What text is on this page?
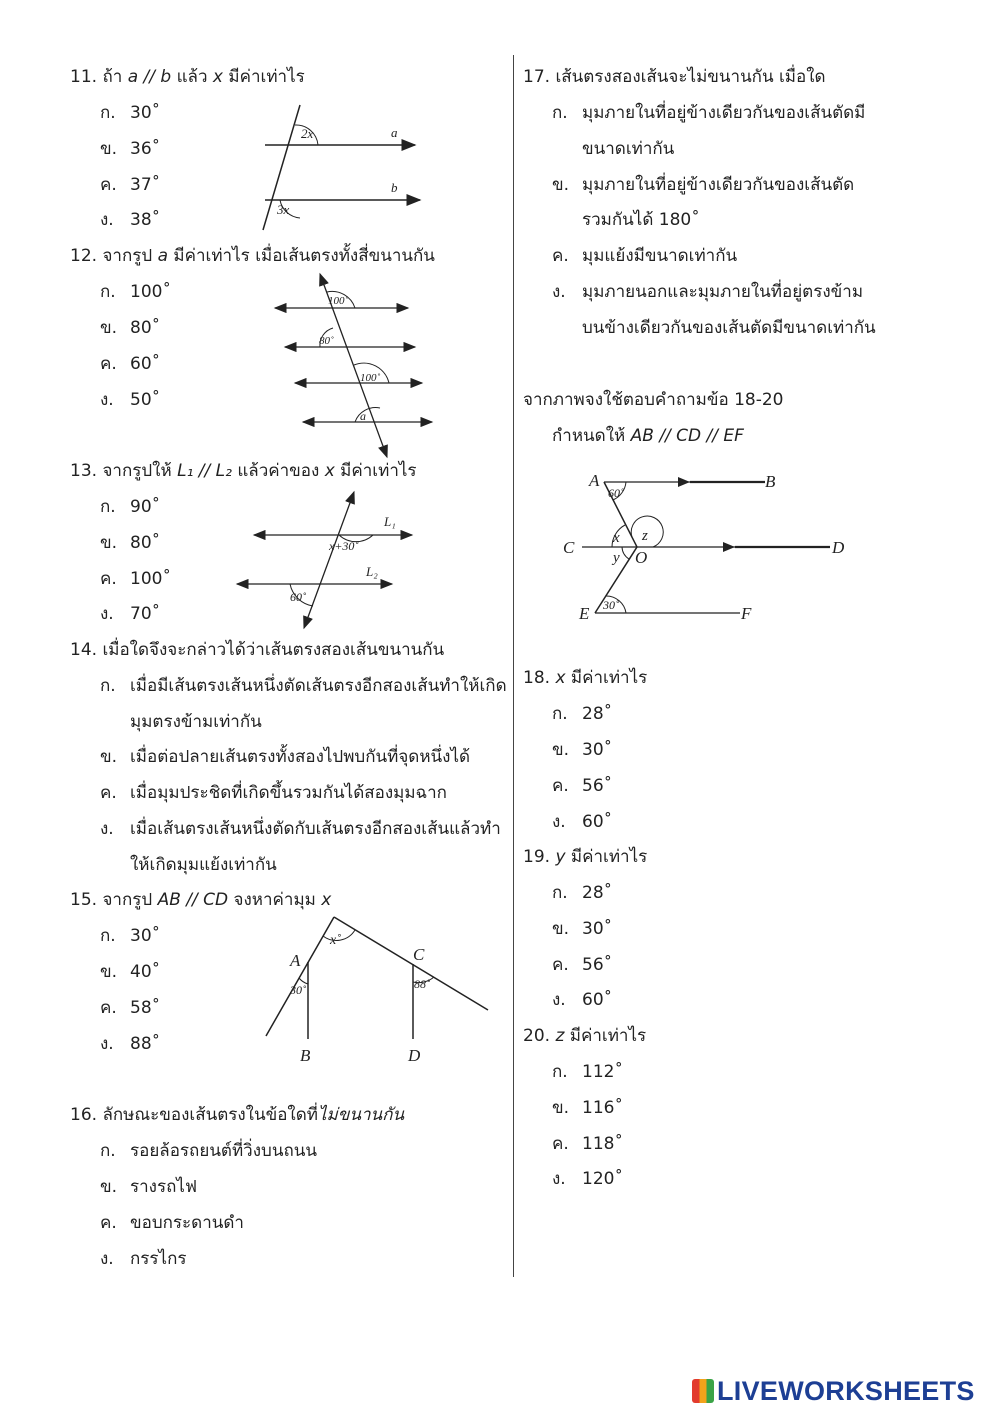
11. ถ้า a // b แล้ว x มีค่าเท่าไร
ก. 30˚
ข. 36˚
ค. 37˚
ง. 38˚
2x
3x
a
b
12. จากรูป a มีค่าเท่าไร เมื่อเส้นตรงทั้งสี่ขนานกัน
ก. 100˚
ข. 80˚
ค. 60˚
ง. 50˚
100˚
80˚
100˚
a
13. จากรูปให้ L₁ // L₂ แล้วค่าของ x มีค่าเท่าไร
ก. 90˚
ข. 80˚
ค. 100˚
ง. 70˚
x+30˚
60˚
L₁
L₂
14. เมื่อใดจึงจะกล่าวได้ว่าเส้นตรงสองเส้นขนานกัน
ก. เมื่อมีเส้นตรงเส้นหนึ่งตัดเส้นตรงอีกสองเส้นทำให้เกิด
มุมตรงข้ามเท่ากัน
ข. เมื่อต่อปลายเส้นตรงทั้งสองไปพบกันที่จุดหนึ่งได้
ค. เมื่อมุมประชิดที่เกิดขึ้นรวมกันได้สองมุมฉาก
ง. เมื่อเส้นตรงเส้นหนึ่งตัดกับเส้นตรงอีกสองเส้นแล้วทำ
ให้เกิดมุมแย้งเท่ากัน
15. จากรูป AB // CD จงหาค่ามุม x
ก. 30˚
ข. 40˚
ค. 58˚
ง. 88˚
x˚
30˚	88˚
A
B
C
D
16. ลักษณะของเส้นตรงในข้อใดที่ไม่ขนานกัน
ก. รอยล้อรถยนต์ที่วิ่งบนถนน
ข. รางรถไฟ
ค. ขอบกระดานดำ
ง. กรรไกร
17. เส้นตรงสองเส้นจะไม่ขนานกัน เมื่อใด
ก. มุมภายในที่อยู่ข้างเดียวกันของเส้นตัดมี
ขนาดเท่ากัน
ข. มุมภายในที่อยู่ข้างเดียวกันของเส้นตัด
รวมกันได้ 180˚
ค. มุมแย้งมีขนาดเท่ากัน
ง. มุมภายนอกและมุมภายในที่อยู่ตรงข้าม
บนข้างเดียวกันของเส้นตัดมีขนาดเท่ากัน
จากภาพจงใช้ตอบคำถามข้อ 18-20
กำหนดให้ AB // CD // EF
60˚
30˚
x
y
z
A	B
C	D
E	F
O
18. x มีค่าเท่าไร
ก. 28˚
ข. 30˚
ค. 56˚
ง. 60˚
19. y มีค่าเท่าไร
ก. 28˚
ข. 30˚
ค. 56˚
ง. 60˚
20. z มีค่าเท่าไร
ก. 112˚
ข. 116˚
ค. 118˚
ง. 120˚
LIVEWORKSHEETS
